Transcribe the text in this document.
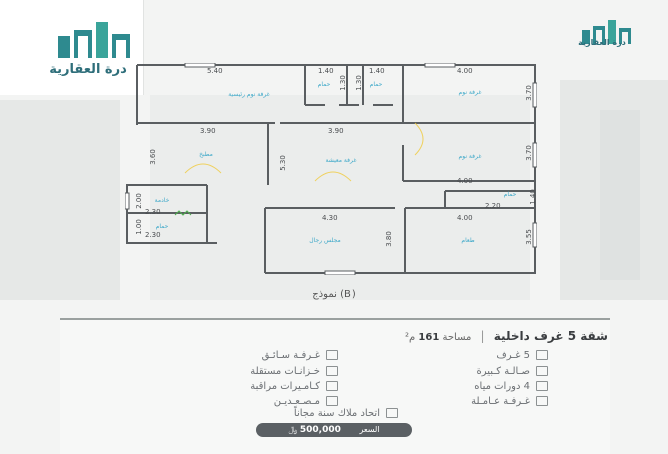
درة العقارية
درة العقارية
5.40	1.40	1.40	4.00
3.90	3.90
4.00
2.20
4.00
4.30
2.30
2.30
3.70
3.70
1.40
3.55
3.60
2.00
1.00
5.30
3.80
1.30 1.30
غرفة نوم رئيسية
حمام	حمام
غرفة نوم
مطبخ
غرفة معيشة
غرفة نوم
خادمة
حمام
حمام
مجلس رجال	طعام
نموذج (B)
شقة 5 غرف داخلية | مساحة 161 م²
5 غـرف
صـالـة كـبيرة
4 دورات مياه
غـرفـة عـامـلة
غـرفـة سـائـق
خـزانـات مستقلة
كـامـيرات مراقبة
مـصـعـديـن
اتحاد ملاك سنة مجاناً
السعر 500,000 ﷼
